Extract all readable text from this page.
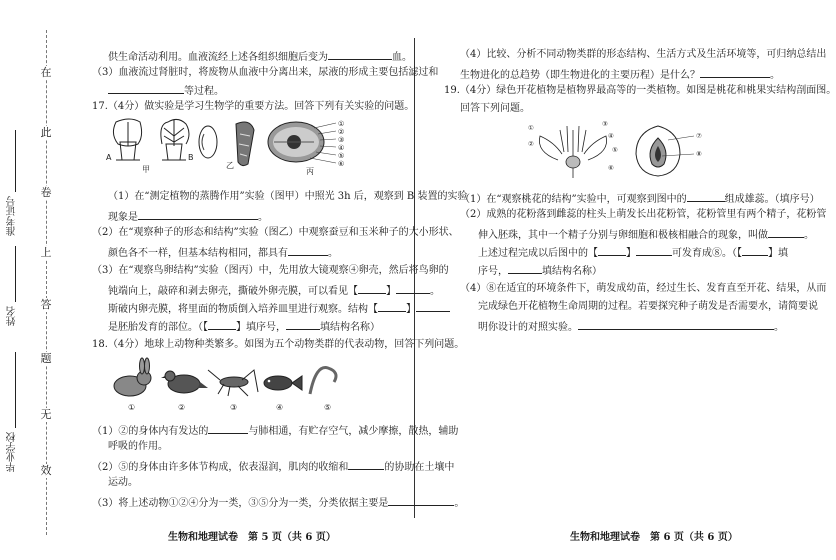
在
此
卷
上
答
题
无
效
准考证号
姓名
毕业学校
供生命活动利用。血液流经上述各组织细胞后变为	血。
（3）血液流过肾脏时，将废物从血液中分离出来，尿液的形成主要包括滤过和
等过程。
17.（4分）做实验是学习生物学的重要方法。回答下列有关实验的问题。
A	B
甲	乙
①
②
③
④
⑤
⑥
丙
（1）在“测定植物的蒸腾作用”实验（图甲）中照光 3h 后，观察到 B 装置的实验
现象是	。
（2）在“观察种子的形态和结构”实验（图乙）中观察蚕豆和玉米种子的大小形状、
颜色各不一样，但基本结构相同，都具有	。
（3）在“观察鸟卵结构”实验（图丙）中，先用放大镜观察④卵壳，然后将鸟卵的
钝端向上，敲碎和剥去卵壳，撕破外卵壳膜，可以看见【	】	。
斯破内卵壳膜，将里面的物质倒入培养皿里进行观察。结构【	】
是胚胎发育的部位。（【	】填序号，	填结构名称）
18.（4分）地球上动物种类繁多。如图为五个动物类群的代表动物，回答下列问题。
①	②	③	④	⑤
（1）②的身体内有发达的	与肺相通，有贮存空气，减少摩擦，散热，辅助
呼吸的作用。
（2）⑤的身体由许多体节构成，依表湿润，肌肉的收缩和	的协助在土壤中
运动。
（3）将上述动物①②④分为一类，③⑤分为一类，分类依据主要是	。
生物和地理试卷　第 5 页（共 6 页）
（4）比较、分析不同动物类群的形态结构、生活方式及生活环境等，可归纳总结出
生物进化的总趋势（即生物进化的主要历程）是什么？	。
19.（4分）绿色开花植物是植物界最高等的一类植物。如图是桃花和桃果实结构剖面图。
回答下列问题。
①
②
③
④
⑤
⑥
⑦
⑧
（1）在“观察桃花的结构”实验中，可观察到图中的	组成雄蕊。（填序号）
（2）成熟的花粉落到雌蕊的柱头上萌发长出花粉管，花粉管里有两个精子，花粉管
伸入胚珠，其中一个精子分别与卵细胞和极核相融合的现象，叫做	。
上述过程完成以后图中的【	】	可发育成⑧。（【	】填
序号，	填结构名称）
（4）⑧在适宜的环境条件下，萌发成幼苗，经过生长、发育直至开花、结果，从而
完成绿色开花植物生命周期的过程。若要探究种子萌发是否需要水，请简要说
明你设计的对照实验。	。
生物和地理试卷　第 6 页（共 6 页）
